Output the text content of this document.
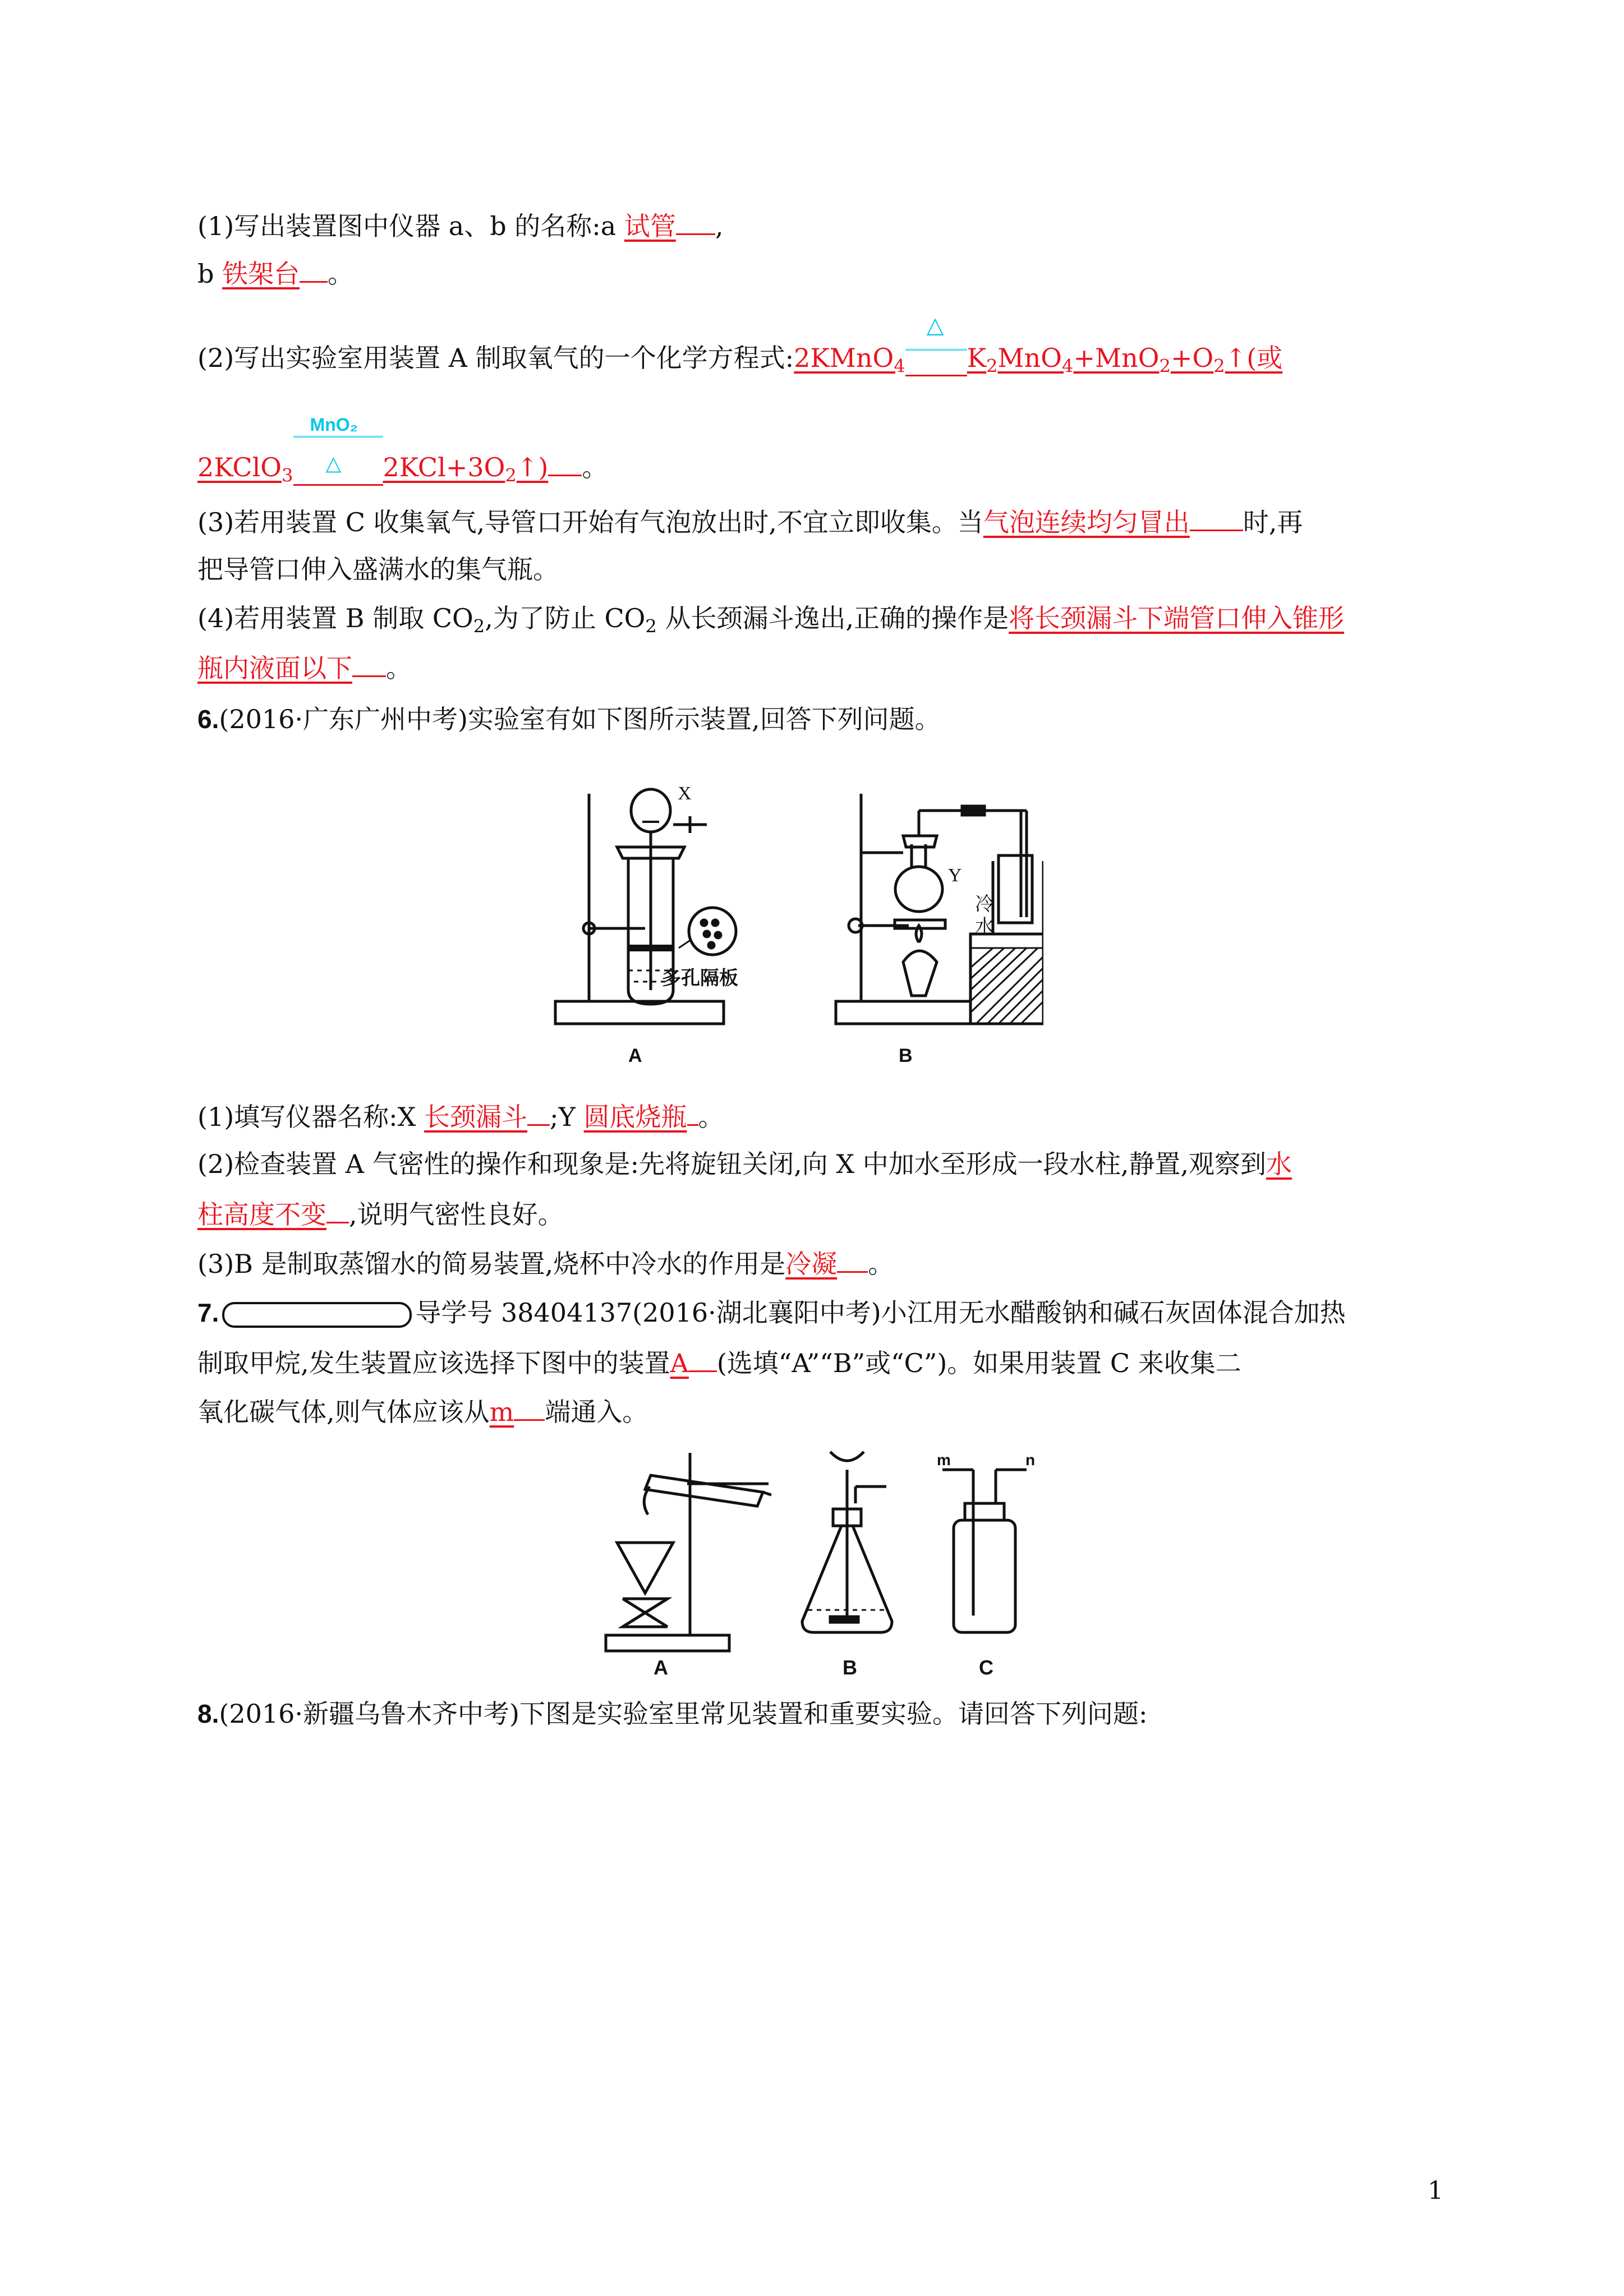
(1)写出装置图中仪器 a、b 的名称:a 试管 ,
b 铁架台 。
(2)写出实验室用装置 A 制取氧气的一个化学方程式:2KMnO$_4$
△
$K_2MnO_4+MnO_2+O_2↑$(或
2KClO$_3$
MnO₂
△ $2KCl+3O_2↑$) 。
(3)若用装置 C 收集氧气,导管口开始有气泡放出时,不宜立即收集。当气泡连续均匀冒出 时,再
把导管口伸入盛满水的集气瓶。
(4)若用装置 B 制取 $CO_2$,为了防止 $CO_2$ 从长颈漏斗逸出,正确的操作是将长颈漏斗下端管口伸入锥形
瓶内液面以下 。
6.(2016·广东广州中考)实验室有如下图所示装置,回答下列问题。
X
Y
多孔隔板
冷
水
A	B
(1)填写仪器名称:X 长颈漏斗 ;Y 圆底烧瓶 。
(2)检查装置 A 气密性的操作和现象是:先将旋钮关闭,向 X 中加水至形成一段水柱,静置,观察到水
柱高度不变 ,说明气密性良好。
(3)B 是制取蒸馏水的简易装置,烧杯中冷水的作用是冷凝 。
7.	导学号 38404137(2016·湖北襄阳中考)小江用无水醋酸钠和碱石灰固体混合加热
制取甲烷,发生装置应该选择下图中的装置A (选填“A”“B”或“C”)。如果用装置 C 来收集二
氧化碳气体,则气体应该从m 端通入。
A	B	C
m	n
8.(2016·新疆乌鲁木齐中考)下图是实验室里常见装置和重要实验。请回答下列问题:
1
